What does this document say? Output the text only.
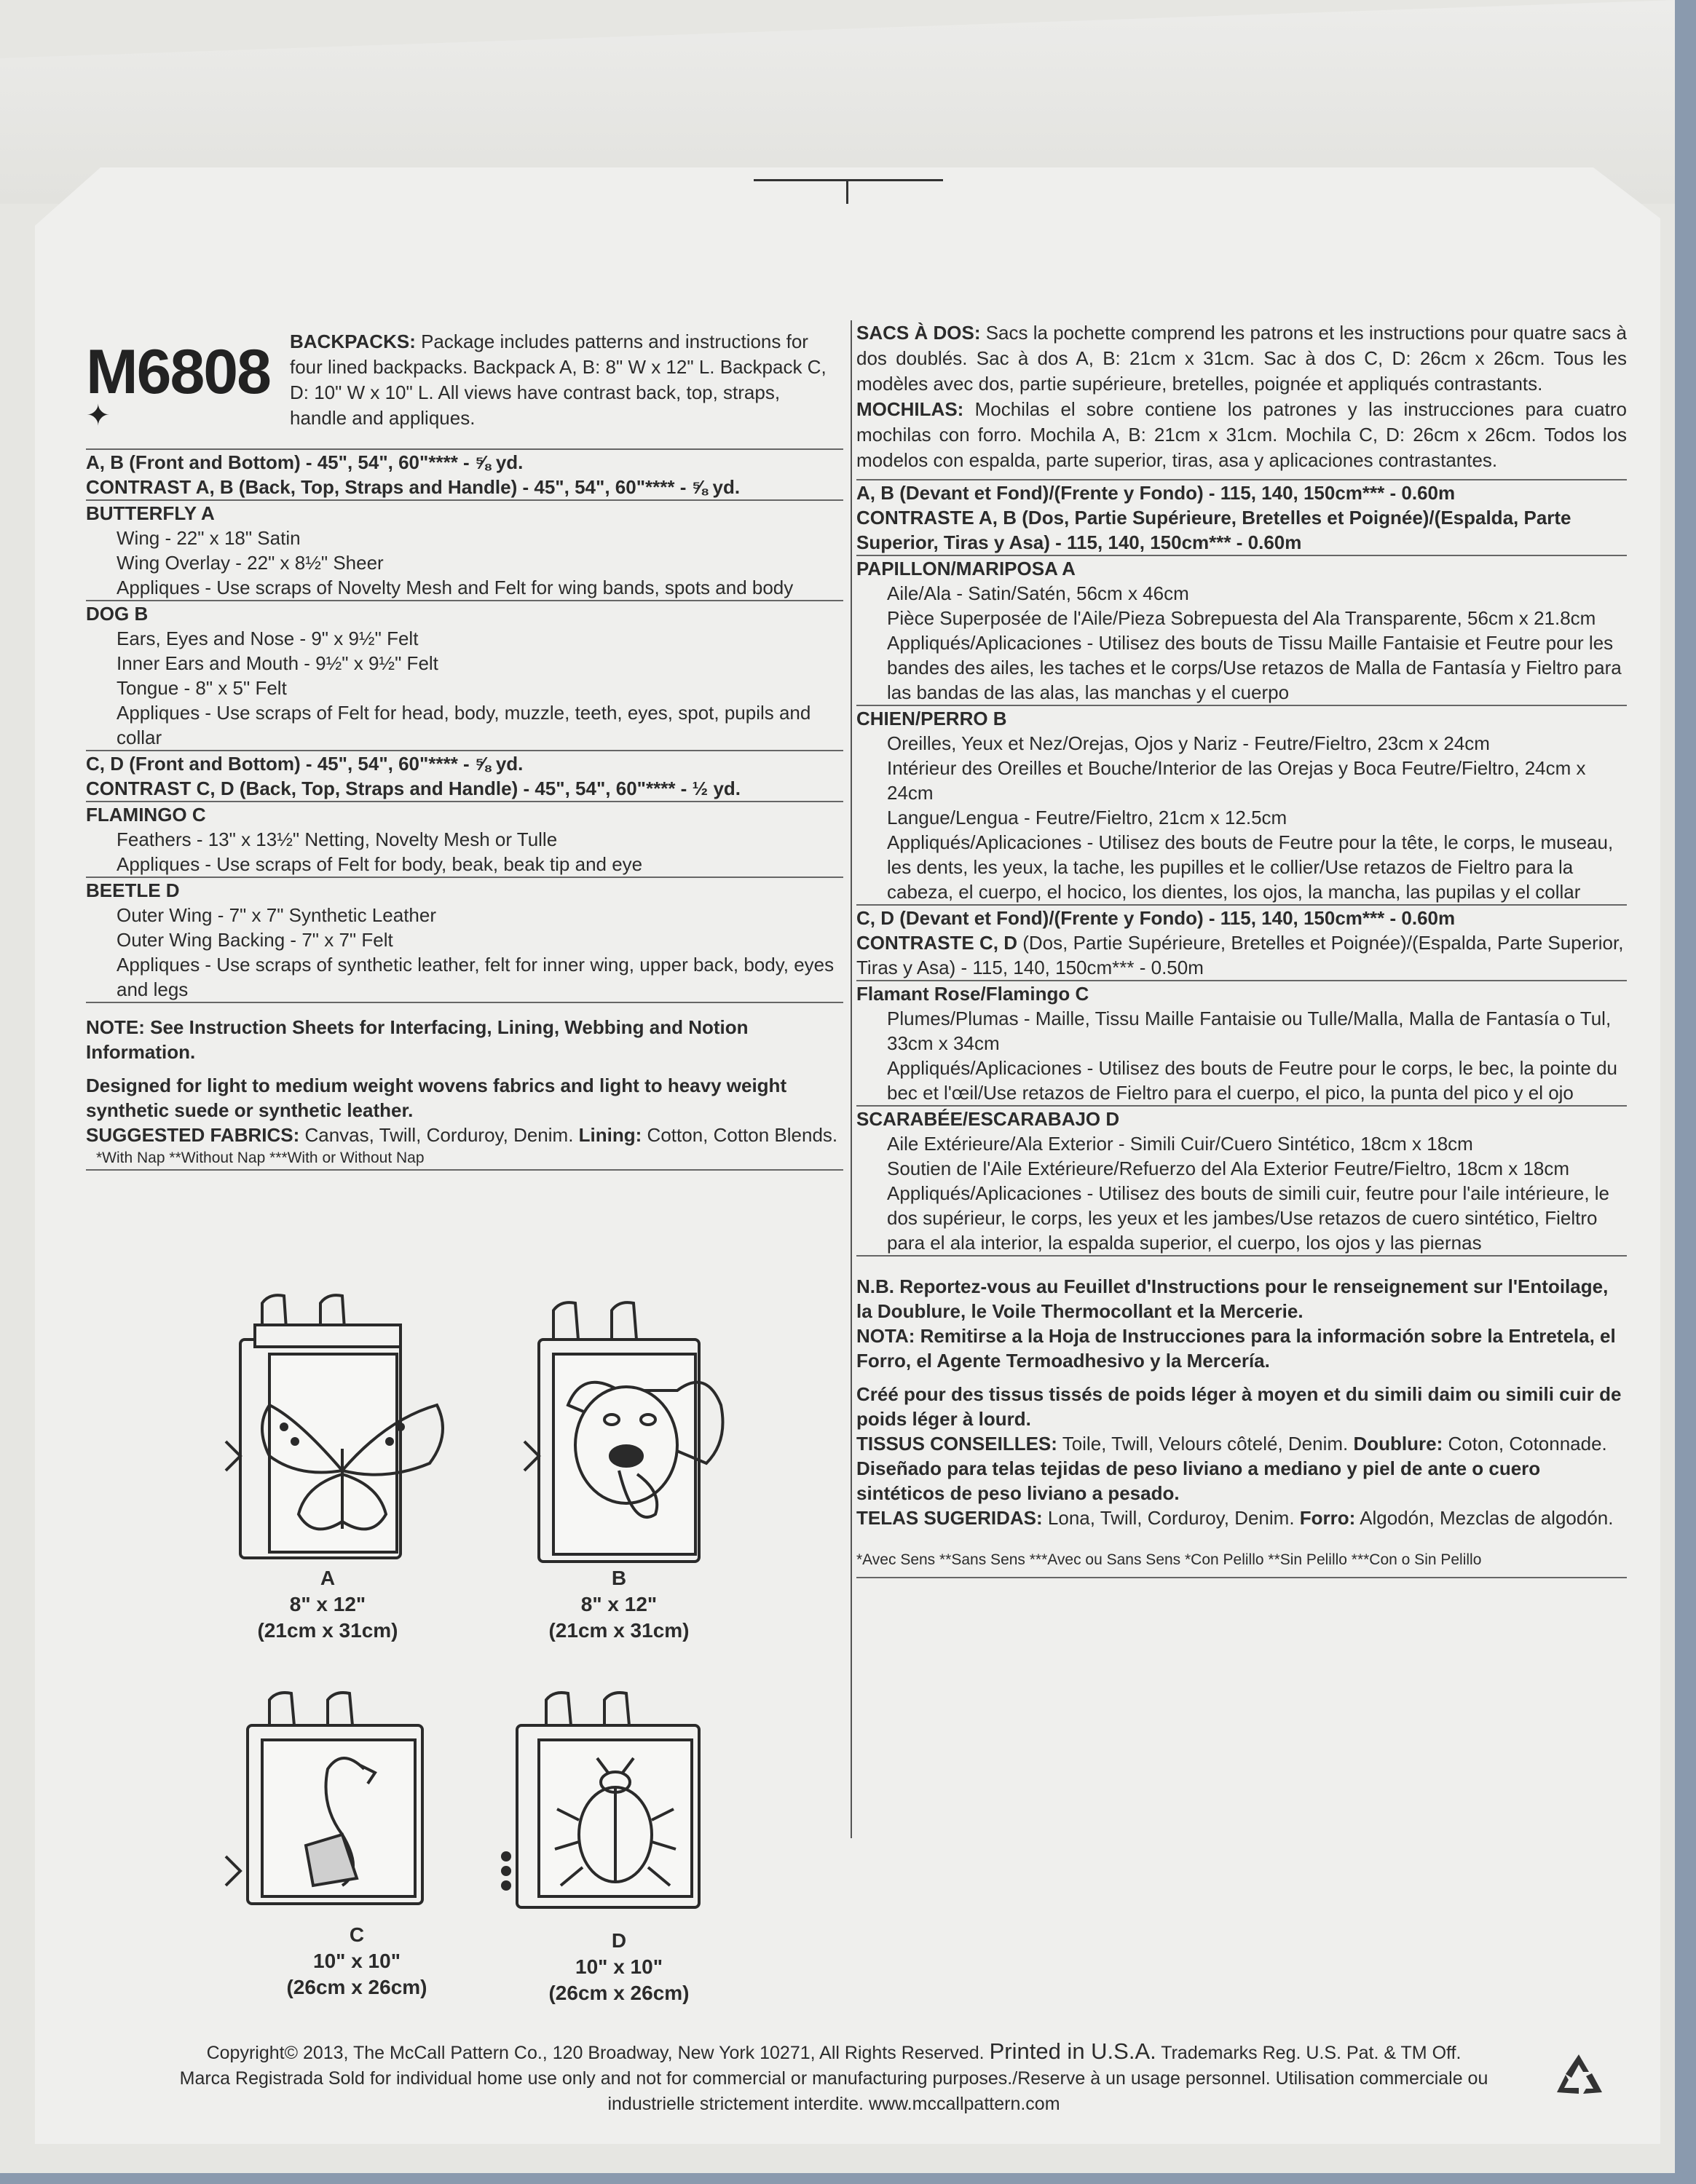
M6808
✦
BACKPACKS: Package includes patterns and instructions for four lined backpacks. Backpack A, B: 8" W x 12" L. Backpack C, D: 10" W x 10" L. All views have contrast back, top, straps, handle and appliques.
A, B (Front and Bottom) - 45", 54", 60"**** - ⅝ yd.
CONTRAST A, B (Back, Top, Straps and Handle) - 45", 54", 60"**** - ⅝ yd.
BUTTERFLY A
Wing - 22" x 18" Satin
Wing Overlay - 22" x 8½" Sheer
Appliques - Use scraps of Novelty Mesh and Felt for wing bands, spots and body
DOG B
Ears, Eyes and Nose - 9" x 9½" Felt
Inner Ears and Mouth - 9½" x 9½" Felt
Tongue - 8" x 5" Felt
Appliques - Use scraps of Felt for head, body, muzzle, teeth, eyes, spot, pupils and collar
C, D (Front and Bottom) - 45", 54", 60"**** - ⅝ yd.
CONTRAST C, D (Back, Top, Straps and Handle) - 45", 54", 60"**** - ½ yd.
FLAMINGO C
Feathers - 13" x 13½" Netting, Novelty Mesh or Tulle
Appliques - Use scraps of Felt for body, beak, beak tip and eye
BEETLE D
Outer Wing - 7" x 7" Synthetic Leather
Outer Wing Backing - 7" x 7" Felt
Appliques - Use scraps of synthetic leather, felt for inner wing, upper back, body, eyes and legs
NOTE: See Instruction Sheets for Interfacing, Lining, Webbing and Notion Information.
Designed for light to medium weight wovens fabrics and light to heavy weight synthetic suede or synthetic leather.
SUGGESTED FABRICS: Canvas, Twill, Corduroy, Denim. Lining: Cotton, Cotton Blends.
*With Nap **Without Nap ***With or Without Nap
SACS À DOS: Sacs la pochette comprend les patrons et les instructions pour quatre sacs à dos doublés. Sac à dos A, B: 21cm x 31cm. Sac à dos C, D: 26cm x 26cm. Tous les modèles avec dos, partie supérieure, bretelles, poignée et appliqués contrastants.
MOCHILAS: Mochilas el sobre contiene los patrones y las instrucciones para cuatro mochilas con forro. Mochila A, B: 21cm x 31cm. Mochila C, D: 26cm x 26cm. Todos los modelos con espalda, parte superior, tiras, asa y aplicaciones contrastantes.
A, B (Devant et Fond)/(Frente y Fondo) - 115, 140, 150cm*** - 0.60m
CONTRASTE A, B (Dos, Partie Supérieure, Bretelles et Poignée)/(Espalda, Parte Superior, Tiras y Asa) - 115, 140, 150cm*** - 0.60m
PAPILLON/MARIPOSA A
Aile/Ala - Satin/Satén, 56cm x 46cm
Pièce Superposée de l'Aile/Pieza Sobrepuesta del Ala Transparente, 56cm x 21.8cm
Appliqués/Aplicaciones - Utilisez des bouts de Tissu Maille Fantaisie et Feutre pour les bandes des ailes, les taches et le corps/Use retazos de Malla de Fantasía y Fieltro para las bandas de las alas, las manchas y el cuerpo
CHIEN/PERRO B
Oreilles, Yeux et Nez/Orejas, Ojos y Nariz - Feutre/Fieltro, 23cm x 24cm
Intérieur des Oreilles et Bouche/Interior de las Orejas y Boca Feutre/Fieltro, 24cm x 24cm
Langue/Lengua - Feutre/Fieltro, 21cm x 12.5cm
Appliqués/Aplicaciones - Utilisez des bouts de Feutre pour la tête, le corps, le museau, les dents, les yeux, la tache, les pupilles et le collier/Use retazos de Fieltro para la cabeza, el cuerpo, el hocico, los dientes, los ojos, la mancha, las pupilas y el collar
C, D (Devant et Fond)/(Frente y Fondo) - 115, 140, 150cm*** - 0.60m
CONTRASTE C, D (Dos, Partie Supérieure, Bretelles et Poignée)/(Espalda, Parte Superior, Tiras y Asa) - 115, 140, 150cm*** - 0.50m
Flamant Rose/Flamingo C
Plumes/Plumas - Maille, Tissu Maille Fantaisie ou Tulle/Malla, Malla de Fantasía o Tul, 33cm x 34cm
Appliqués/Aplicaciones - Utilisez des bouts de Feutre pour le corps, le bec, la pointe du bec et l'œil/Use retazos de Fieltro para el cuerpo, el pico, la punta del pico y el ojo
SCARABÉE/ESCARABAJO D
Aile Extérieure/Ala Exterior - Simili Cuir/Cuero Sintético, 18cm x 18cm
Soutien de l'Aile Extérieure/Refuerzo del Ala Exterior Feutre/Fieltro, 18cm x 18cm
Appliqués/Aplicaciones - Utilisez des bouts de simili cuir, feutre pour l'aile intérieure, le dos supérieur, le corps, les yeux et les jambes/Use retazos de cuero sintético, Fieltro para el ala interior, la espalda superior, el cuerpo, los ojos y las piernas
N.B. Reportez-vous au Feuillet d'Instructions pour le renseignement sur l'Entoilage, la Doublure, le Voile Thermocollant et la Mercerie.
NOTA: Remitirse a la Hoja de Instrucciones para la información sobre la Entretela, el Forro, el Agente Termoadhesivo y la Mercería.
Créé pour des tissus tissés de poids léger à moyen et du simili daim ou simili cuir de poids léger à lourd.
TISSUS CONSEILLES: Toile, Twill, Velours côtelé, Denim. Doublure: Coton, Cotonnade.
Diseñado para telas tejidas de peso liviano a mediano y piel de ante o cuero sintéticos de peso liviano a pesado.
TELAS SUGERIDAS: Lona, Twill, Corduroy, Denim. Forro: Algodón, Mezclas de algodón.
*Avec Sens **Sans Sens ***Avec ou Sans Sens *Con Pelillo **Sin Pelillo ***Con o Sin Pelillo
A
8" x 12"
(21cm x 31cm)
B
8" x 12"
(21cm x 31cm)
C
10" x 10"
(26cm x 26cm)
D
10" x 10"
(26cm x 26cm)
Copyright© 2013, The McCall Pattern Co., 120 Broadway, New York 10271, All Rights Reserved. Printed in U.S.A. Trademarks Reg. U.S. Pat. & TM Off.
Marca Registrada Sold for individual home use only and not for commercial or manufacturing purposes./Reserve à un usage personnel. Utilisation commerciale ou
industrielle strictement interdite. www.mccallpattern.com
